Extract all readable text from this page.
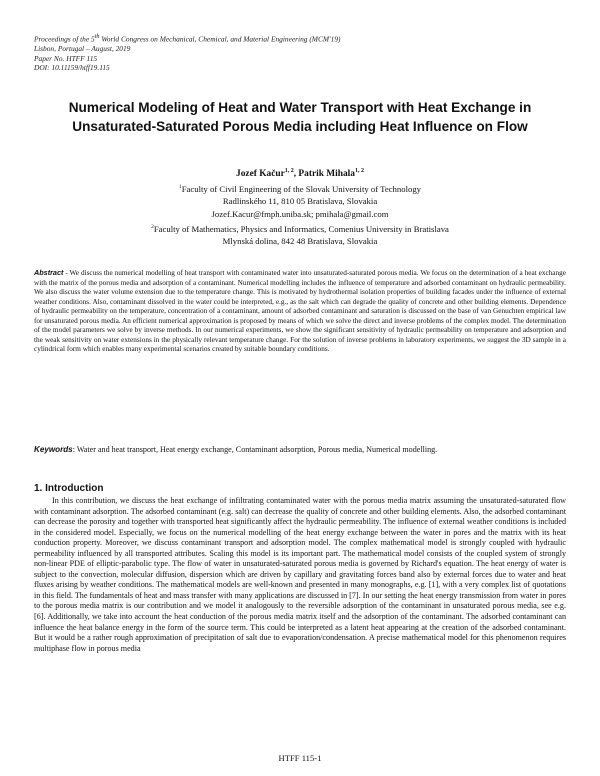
Proceedings of the 5th World Congress on Mechanical, Chemical, and Material Engineering (MCM'19)
Lisbon, Portugal – August, 2019
Paper No. HTFF 115
DOI: 10.11159/htff19.115
Numerical Modeling of Heat and Water Transport with Heat Exchange in Unsaturated-Saturated Porous Media including Heat Influence on Flow
Jozef Kačur$^{1, 2}$, Patrik Mihala$^{1, 2}$
$^1$Faculty of Civil Engineering of the Slovak University of Technology
Radlinského 11, 810 05 Bratislava, Slovakia
Jozef.Kacur@fmph.uniba.sk; pmihala@gmail.com
$^2$Faculty of Mathematics, Physics and Informatics, Comenius University in Bratislava
Mlynská dolina, 842 48 Bratislava, Slovakia
Abstract - We discuss the numerical modelling of heat transport with contaminated water into unsaturated-saturated porous media. We focus on the determination of a heat exchange with the matrix of the porous media and adsorption of a contaminant. Numerical modelling includes the influence of temperature and adsorbed contaminant on hydraulic permeability. We also discuss the water volume extension due to the temperature change. This is motivated by hydrothermal isolation properties of building facades under the influence of external weather conditions. Also, contaminant dissolved in the water could be interpreted, e.g., as the salt which can degrade the quality of concrete and other building elements. Dependence of hydraulic permeability on the temperature, concentration of a contaminant, amount of adsorbed contaminant and saturation is discussed on the base of van Genuchten empirical law for unsaturated porous media. An efficient numerical approximation is proposed by means of which we solve the direct and inverse problems of the complex model. The determination of the model parameters we solve by inverse methods. In our numerical experiments, we show the significant sensitivity of hydraulic permeability on temperature and adsorption and the weak sensitivity on water extensions in the physically relevant temperature change. For the solution of inverse problems in laboratory experiments, we suggest the 3D sample in a cylindrical form which enables many experimental scenarios created by suitable boundary conditions.
Keywords: Water and heat transport, Heat energy exchange, Contaminant adsorption, Porous media, Numerical modelling.
1. Introduction
In this contribution, we discuss the heat exchange of infiltrating contaminated water with the porous media matrix assuming the unsaturated-saturated flow with contaminant adsorption. The adsorbed contaminant (e.g. salt) can decrease the quality of concrete and other building elements. Also, the adsorbed contaminant can decrease the porosity and together with transported heat significantly affect the hydraulic permeability. The influence of external weather conditions is included in the considered model. Especially, we focus on the numerical modelling of the heat energy exchange between the water in pores and the matrix with its heat conduction property. Moreover, we discuss contaminant transport and adsorption model. The complex mathematical model is strongly coupled with hydraulic permeability influenced by all transported attributes. Scaling this model is its important part. The mathematical model consists of the coupled system of strongly non-linear PDE of elliptic-parabolic type. The flow of water in unsaturated-saturated porous media is governed by Richard's equation. The heat energy of water is subject to the convection, molecular diffusion, dispersion which are driven by capillary and gravitating forces band also by external forces due to water and heat fluxes arising by weather conditions. The mathematical models are well-known and presented in many monographs, e.g. [1], with a very complex list of quotations in this field. The fundamentals of heat and mass transfer with many applications are discussed in [7]. In our setting the heat energy transmission from water in pores to the porous media matrix is our contribution and we model it analogously to the reversible adsorption of the contaminant in unsaturated porous media, see e.g. [6]. Additionally, we take into account the heat conduction of the porous media matrix itself and the adsorption of the contaminant. The adsorbed contaminant can influence the heat balance energy in the form of the source term. This could be interpreted as a latent heat appearing at the creation of the adsorbed contaminant. But it would be a rather rough approximation of precipitation of salt due to evaporation/condensation. A precise mathematical model for this phenomenon requires multiphase flow in porous media
HTFF 115-1
